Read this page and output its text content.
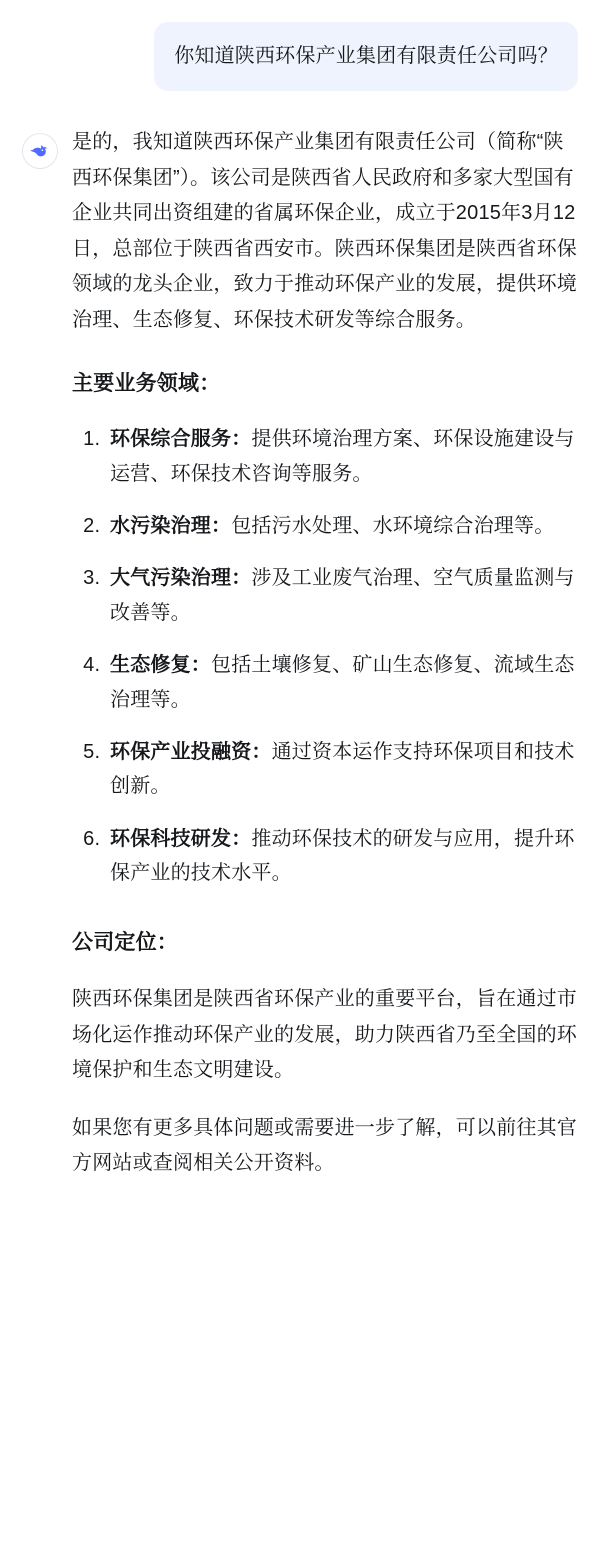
你知道陕西环保产业集团有限责任公司吗？

是的，我知道陕西环保产业集团有限责任公司（简称“陕西环保集团”）。该公司是陕西省人民政府和多家大型国有企业共同出资组建的省属环保企业，成立于2015年3月12日，总部位于陕西省西安市。陕西环保集团是陕西省环保领域的龙头企业，致力于推动环保产业的发展，提供环境治理、生态修复、环保技术研发等综合服务。

主要业务领域：
1. 环保综合服务：提供环境治理方案、环保设施建设与运营、环保技术咨询等服务。
2. 水污染治理：包括污水处理、水环境综合治理等。
3. 大气污染治理：涉及工业废气治理、空气质量监测与改善等。
4. 生态修复：包括土壤修复、矿山生态修复、流域生态治理等。
5. 环保产业投融资：通过资本运作支持环保项目和技术创新。
6. 环保科技研发：推动环保技术的研发与应用，提升环保产业的技术水平。
公司定位：

陕西环保集团是陕西省环保产业的重要平台，旨在通过市场化运作推动环保产业的发展，助力陕西省乃至全国的环境保护和生态文明建设。

如果您有更多具体问题或需要进一步了解，可以前往其官方网站或查阅相关公开资料。
